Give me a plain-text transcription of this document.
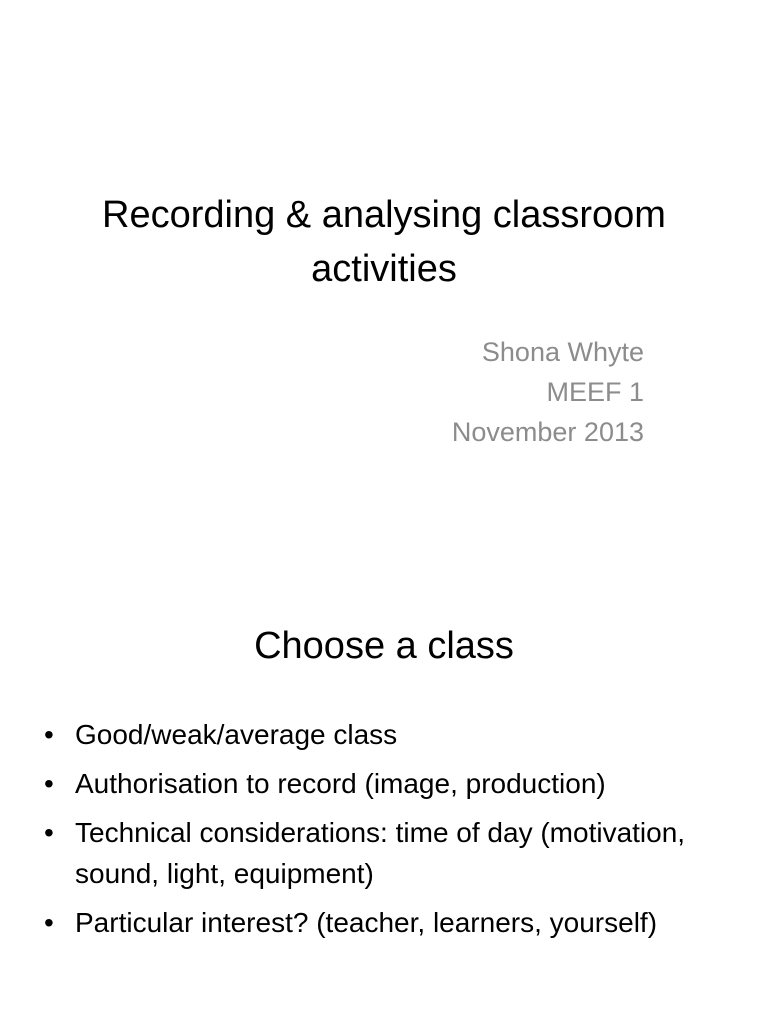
Recording & analysing classroom activities
Shona Whyte
MEEF 1
November 2013
Choose a class
• Good/weak/average class
• Authorisation to record (image, production)
• Technical considerations: time of day (motivation, sound, light, equipment)
• Particular interest? (teacher, learners, yourself)
